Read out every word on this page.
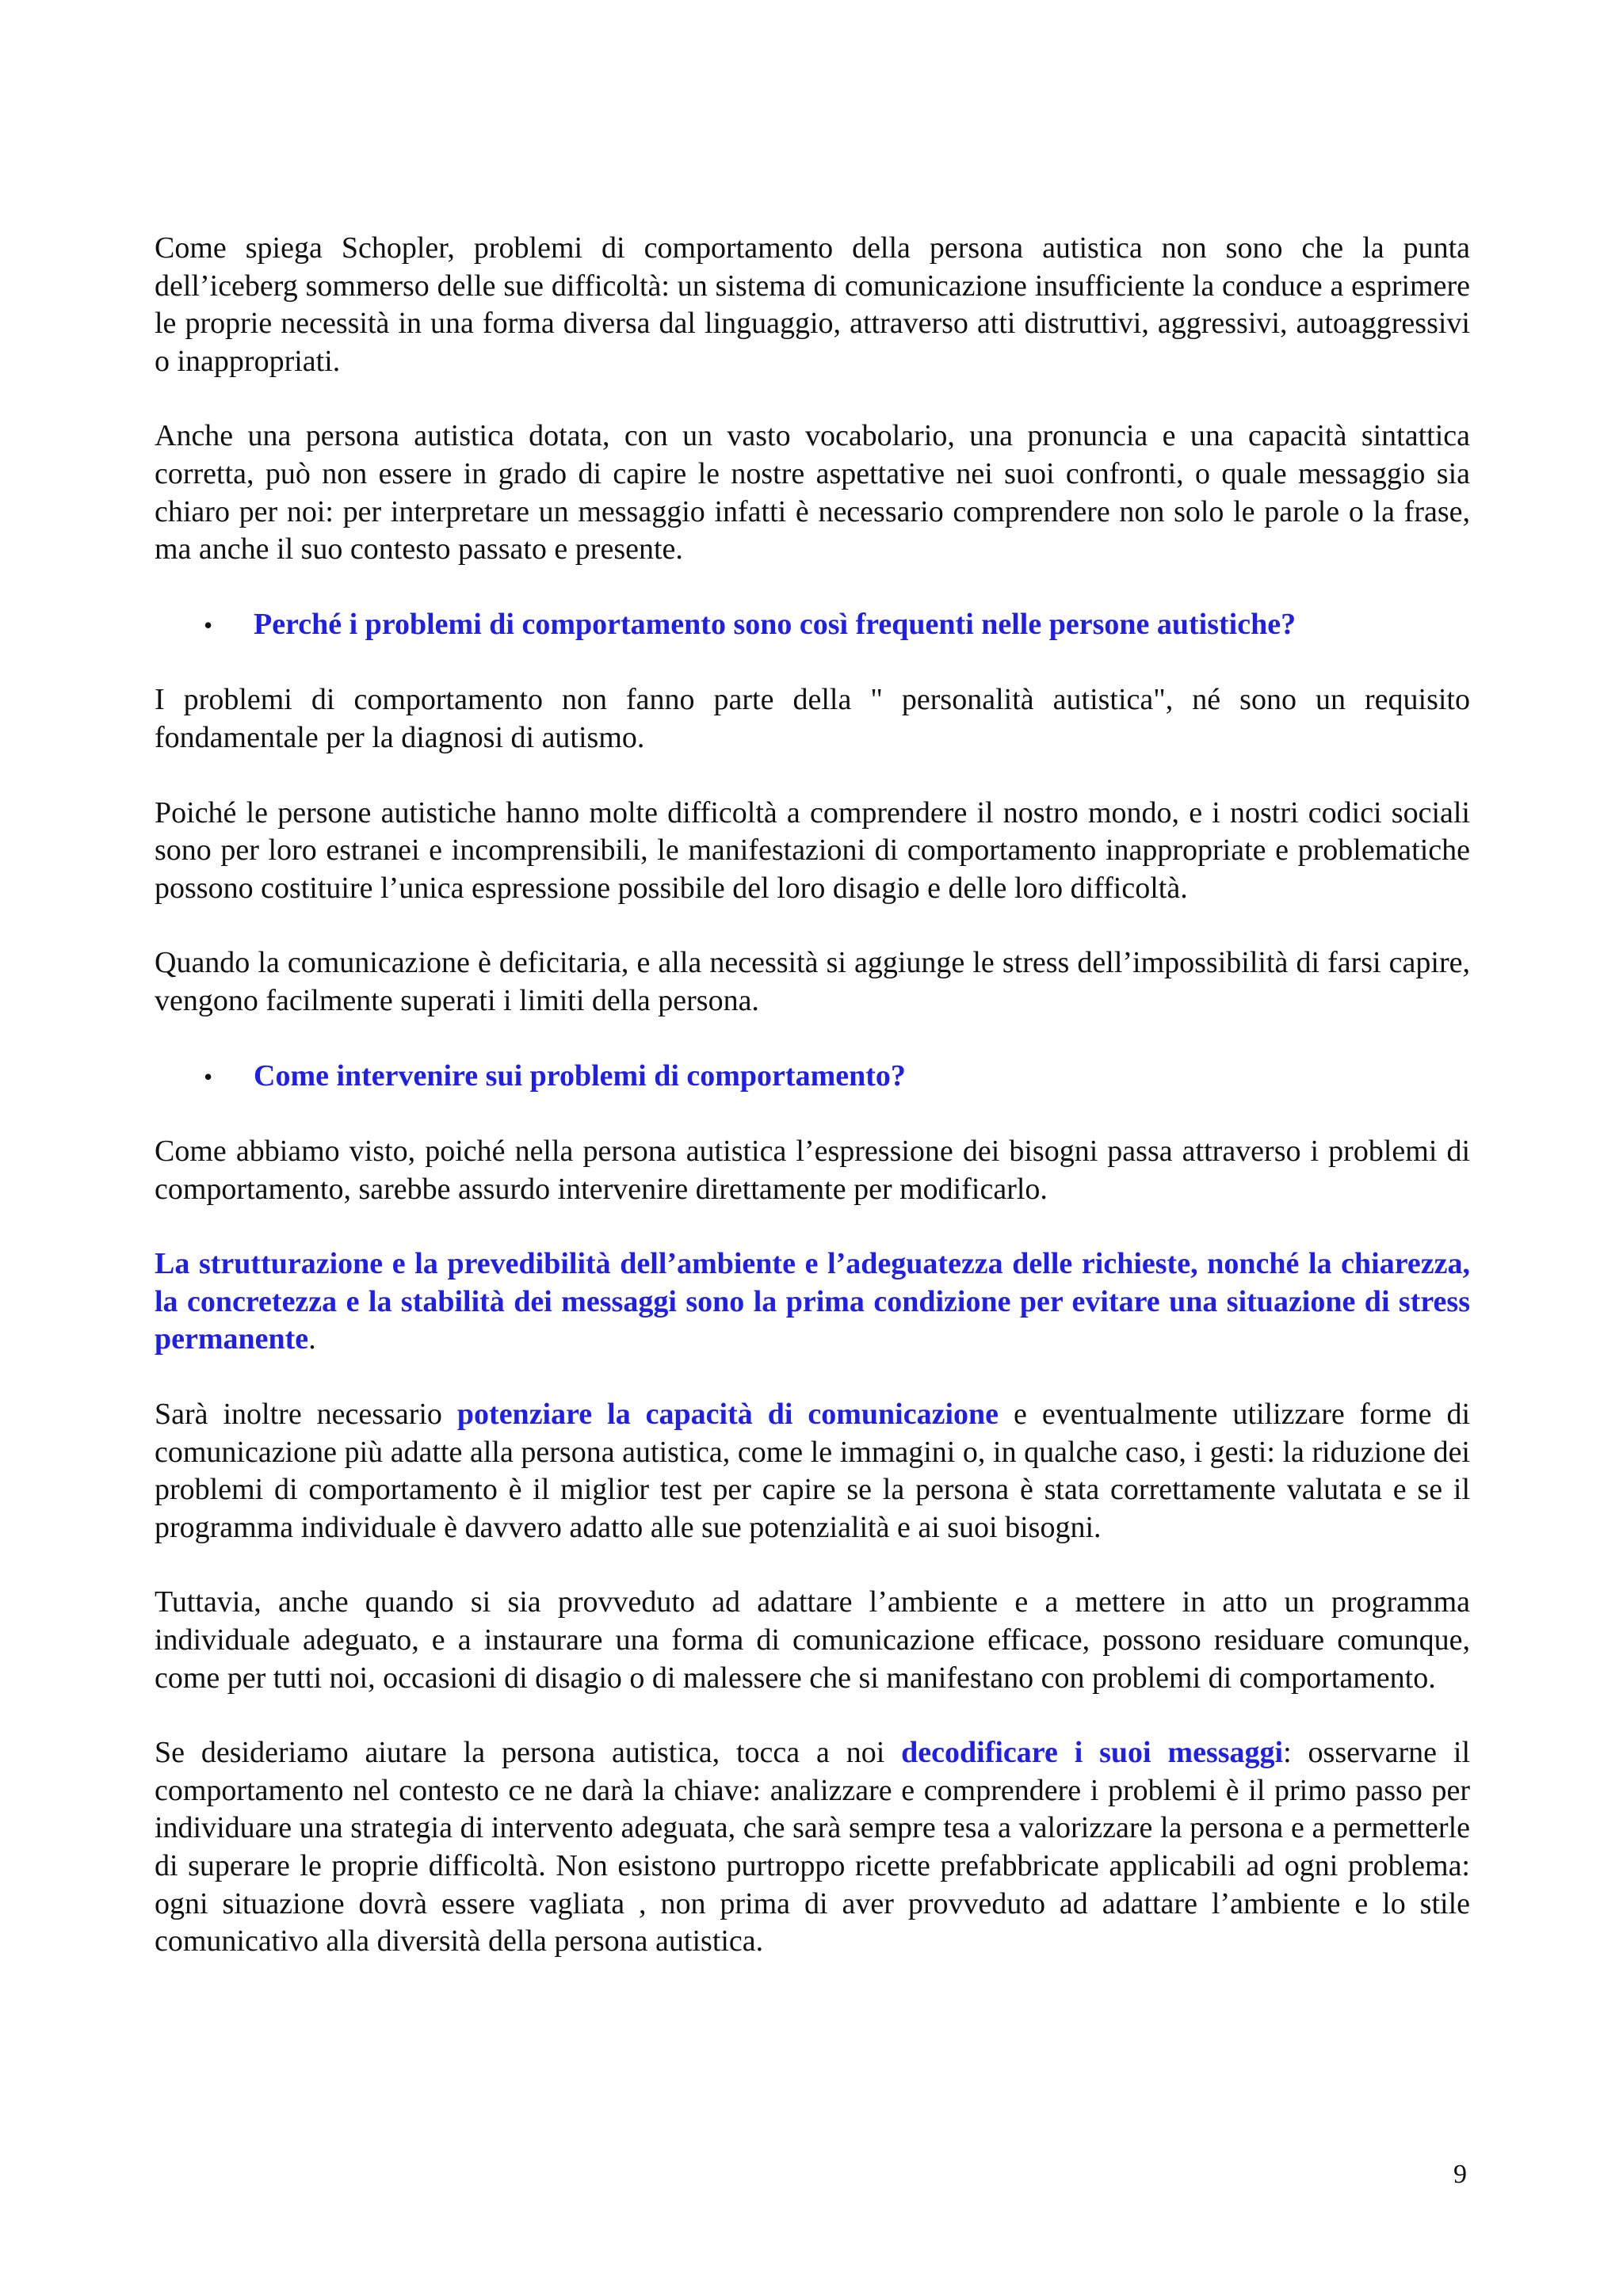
Come spiega Schopler, problemi di comportamento della persona autistica non sono che la punta dell’iceberg sommerso delle sue difficoltà: un sistema di comunicazione insufficiente la conduce a esprimere le proprie necessità in una forma diversa dal linguaggio, attraverso atti distruttivi, aggressivi, autoaggressivi o inappropriati.

Anche una persona autistica dotata, con un vasto vocabolario, una pronuncia e una capacità sintattica corretta, può non essere in grado di capire le nostre aspettative nei suoi confronti, o quale messaggio sia chiaro per noi: per interpretare un messaggio infatti è necessario comprendere non solo le parole o la frase, ma anche il suo contesto passato e presente.

•	Perché i problemi di comportamento sono così frequenti nelle persone autistiche?

I problemi di comportamento non fanno parte della " personalità autistica", né sono un requisito fondamentale per la diagnosi di autismo.

Poiché le persone autistiche hanno molte difficoltà a comprendere il nostro mondo, e i nostri codici sociali sono per loro estranei e incomprensibili, le manifestazioni di comportamento inappropriate e problematiche possono costituire l’unica espressione possibile del loro disagio e delle loro difficoltà.

Quando la comunicazione è deficitaria, e alla necessità si aggiunge le stress dell’impossibilità di farsi capire, vengono facilmente superati i limiti della persona.

•	Come intervenire sui problemi di comportamento?

Come abbiamo visto, poiché nella persona autistica l’espressione dei bisogni passa attraverso i problemi di comportamento, sarebbe assurdo intervenire direttamente per modificarlo.

La strutturazione e la prevedibilità dell’ambiente e l’adeguatezza delle richieste, nonché la chiarezza, la concretezza e la stabilità dei messaggi sono la prima condizione per evitare una situazione di stress permanente.

Sarà inoltre necessario potenziare la capacità di comunicazione e eventualmente utilizzare forme di comunicazione più adatte alla persona autistica, come le immagini o, in qualche caso, i gesti: la riduzione dei problemi di comportamento è il miglior test per capire se la persona è stata correttamente valutata e se il programma individuale è davvero adatto alle sue potenzialità e ai suoi bisogni.

Tuttavia, anche quando si sia provveduto ad adattare l’ambiente e a mettere in atto un programma individuale adeguato, e a instaurare una forma di comunicazione efficace, possono residuare comunque, come per tutti noi, occasioni di disagio o di malessere che si manifestano con problemi di comportamento.

Se desideriamo aiutare la persona autistica, tocca a noi decodificare i suoi messaggi: osservarne il comportamento nel contesto ce ne darà la chiave: analizzare e comprendere i problemi è il primo passo per individuare una strategia di intervento adeguata, che sarà sempre tesa a valorizzare la persona e a permetterle di superare le proprie difficoltà. Non esistono purtroppo ricette prefabbricate applicabili ad ogni problema: ogni situazione dovrà essere vagliata , non prima di aver provveduto ad adattare l’ambiente e lo stile comunicativo alla diversità della persona autistica.

9
